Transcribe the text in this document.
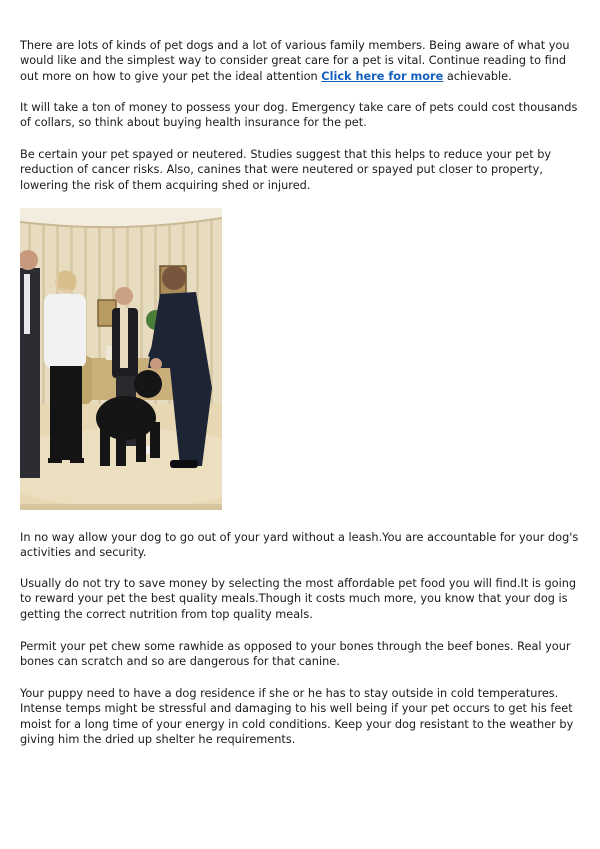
There are lots of kinds of pet dogs and a lot of various family members. Being aware of what you would like and the simplest way to consider great care for a pet is vital. Continue reading to find out more on how to give your pet the ideal attention Click here for more achievable.

It will take a ton of money to possess your dog. Emergency take care of pets could cost thousands of collars, so think about buying health insurance for the pet.

Be certain your pet spayed or neutered. Studies suggest that this helps to reduce your pet by reduction of cancer risks. Also, canines that were neutered or spayed put closer to property, lowering the risk of them acquiring shed or injured.

In no way allow your dog to go out of your yard without a leash.You are accountable for your dog's activities and security.

Usually do not try to save money by selecting the most affordable pet food you will find.It is going to reward your pet the best quality meals.Though it costs much more, you know that your dog is getting the correct nutrition from top quality meals.

Permit your pet chew some rawhide as opposed to your bones through the beef bones. Real your bones can scratch and so are dangerous for that canine.

Your puppy need to have a dog residence if she or he has to stay outside in cold temperatures. Intense temps might be stressful and damaging to his well being if your pet occurs to get his feet moist for a long time of your energy in cold conditions. Keep your dog resistant to the weather by giving him the dried up shelter he requirements.
